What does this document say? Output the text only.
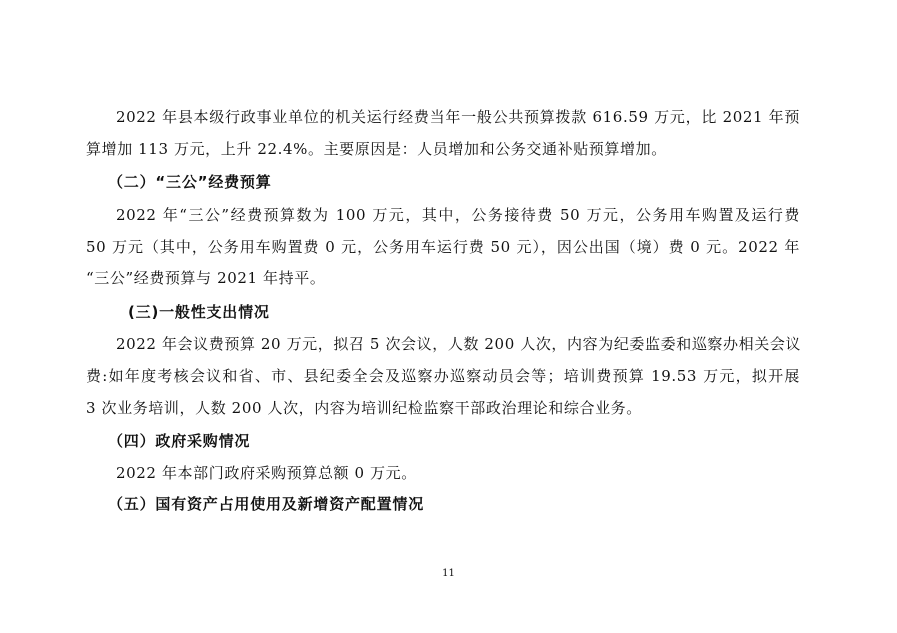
2022 年县本级行政事业单位的机关运行经费当年一般公共预算拨款 616.59 万元，比 2021 年预
算增加 113 万元，上升 22.4%。主要原因是：人员增加和公务交通补贴预算增加。
（二）“三公”经费预算
2022 年“三公”经费预算数为 100 万元，其中，公务接待费 50 万元，公务用车购置及运行费
50 万元（其中，公务用车购置费 0 元，公务用车运行费 50 元），因公出国（境）费 0 元。2022 年
“三公”经费预算与 2021 年持平。
(三)一般性支出情况
2022 年会议费预算 20 万元，拟召 5 次会议，人数 200 人次，内容为纪委监委和巡察办相关会议
费:如年度考核会议和省、市、县纪委全会及巡察办巡察动员会等；培训费预算 19.53 万元，拟开展
3 次业务培训，人数 200 人次，内容为培训纪检监察干部政治理论和综合业务。
（四）政府采购情况
2022 年本部门政府采购预算总额 0 万元。
（五）国有资产占用使用及新增资产配置情况
11
